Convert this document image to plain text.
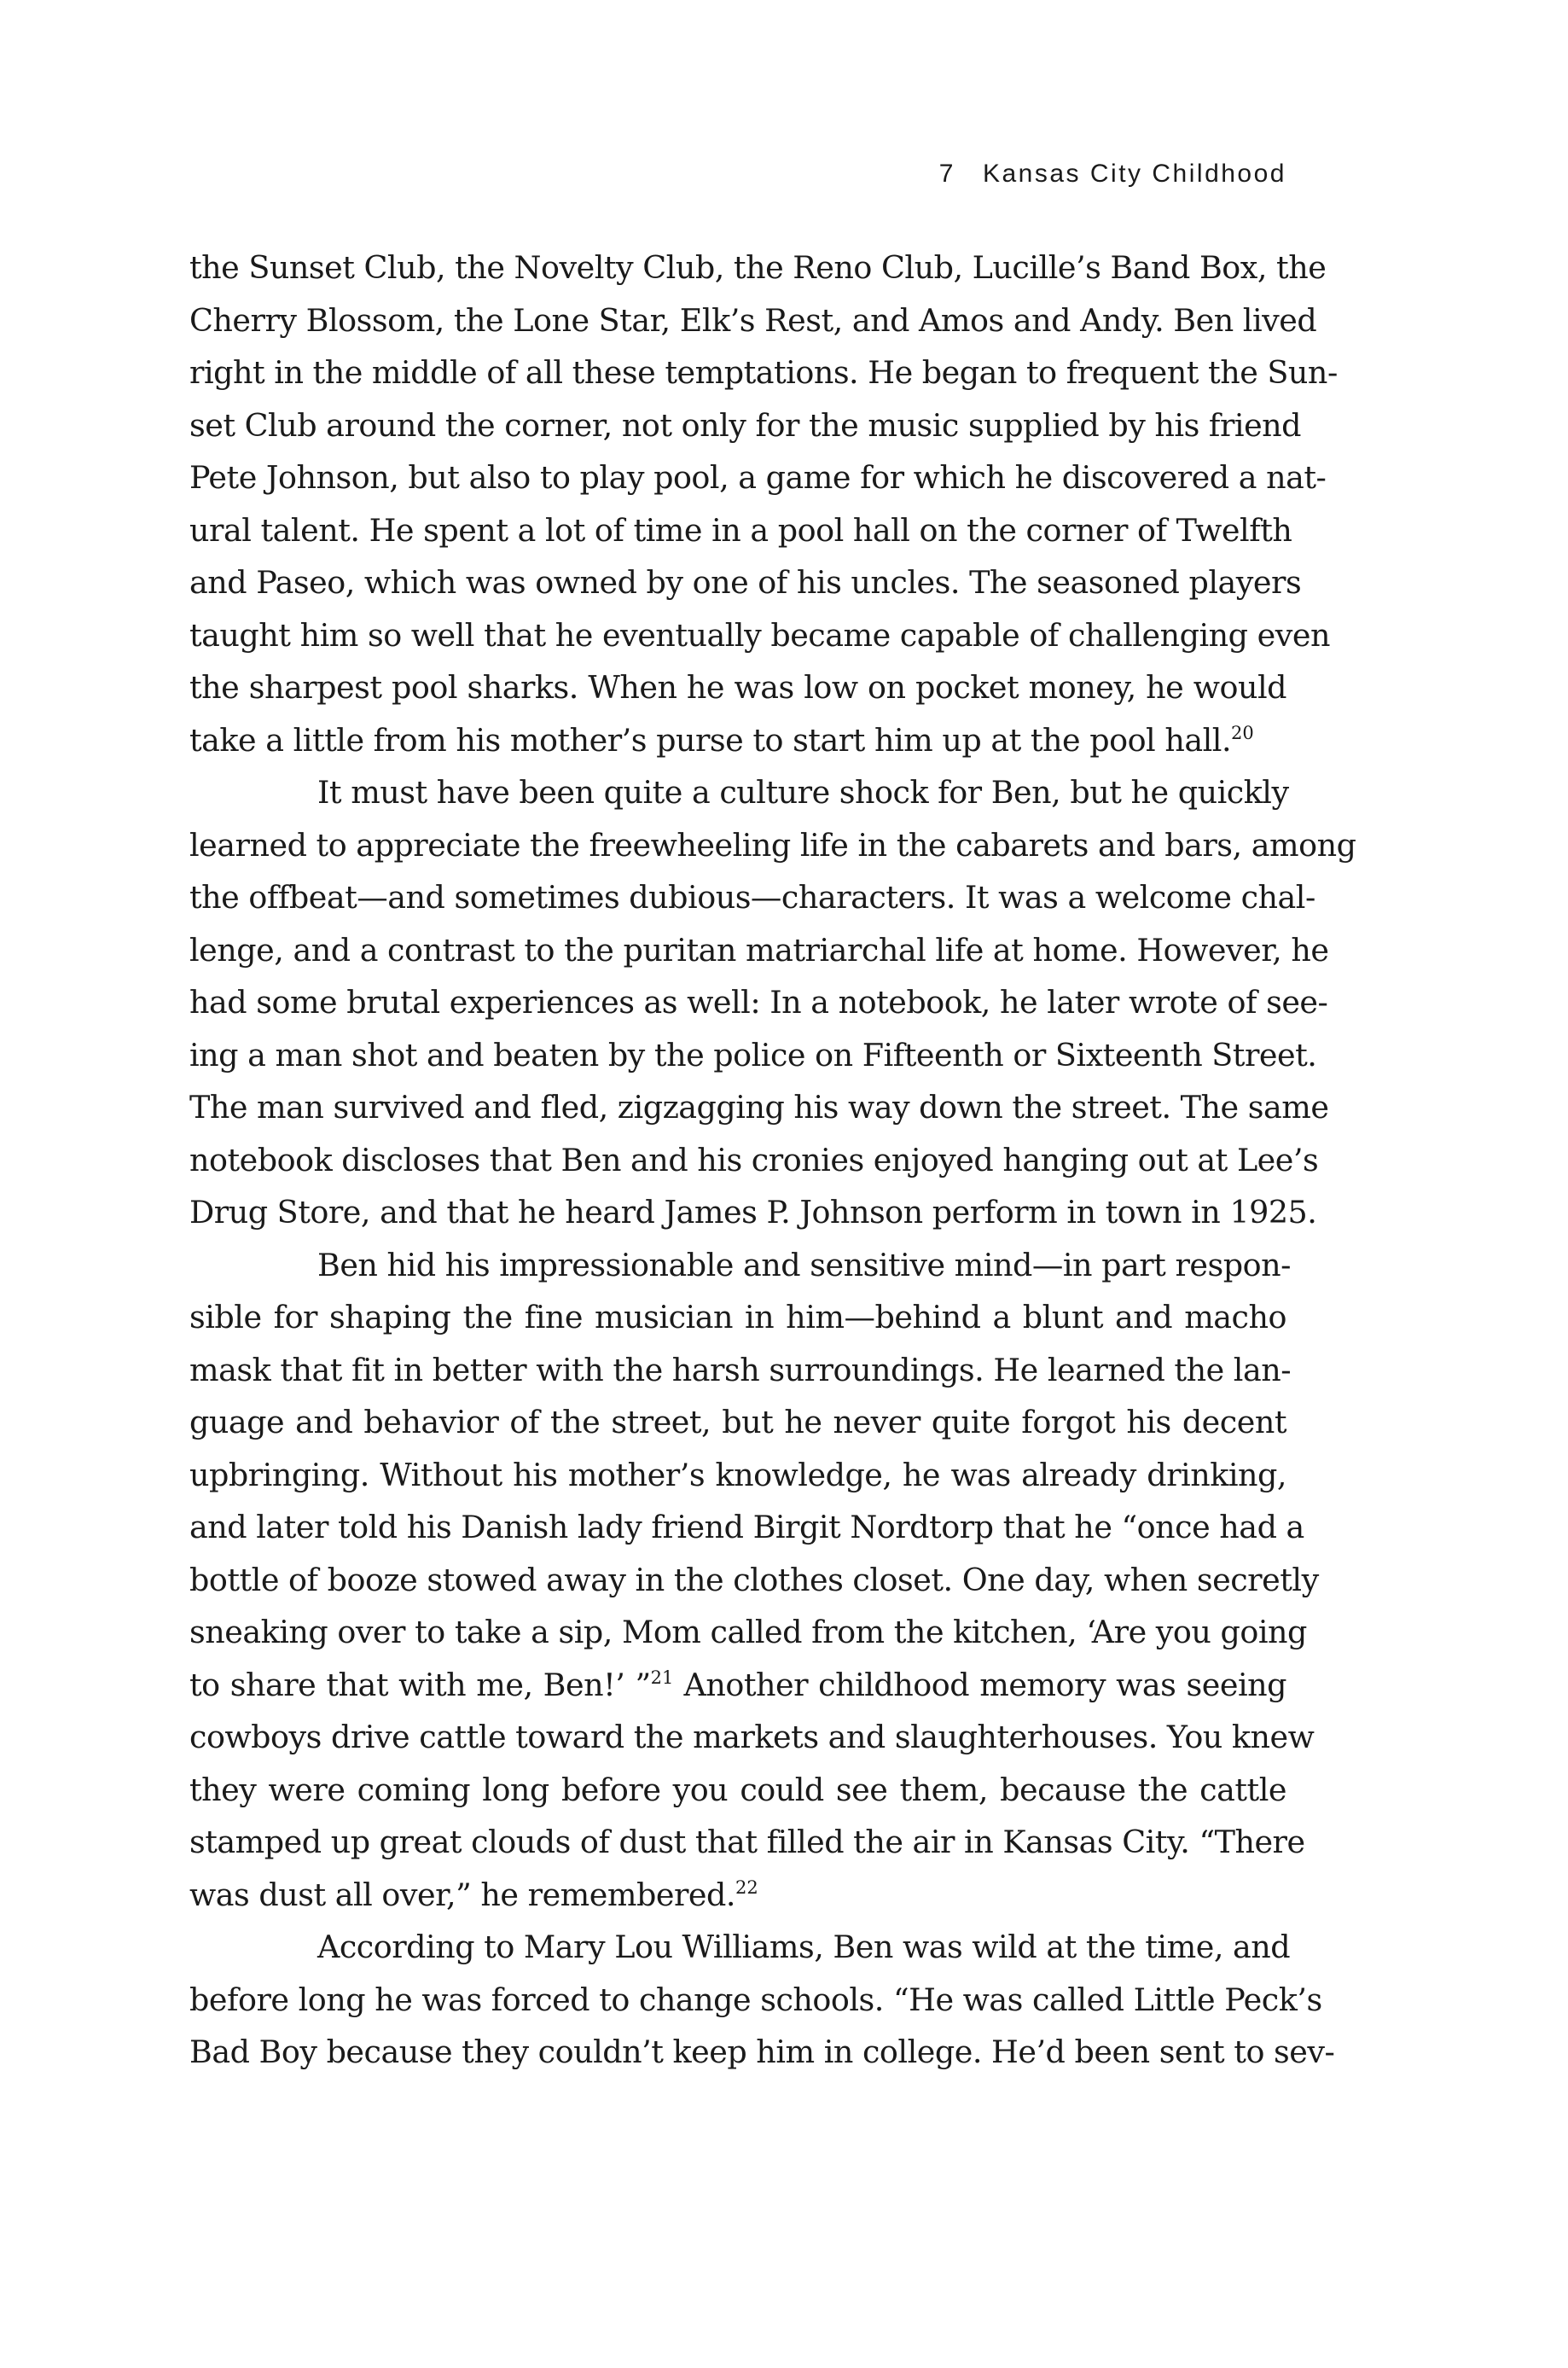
7 Kansas City Childhood

the Sunset Club, the Novelty Club, the Reno Club, Lucille’s Band Box, the
Cherry Blossom, the Lone Star, Elk’s Rest, and Amos and Andy. Ben lived
right in the middle of all these temptations. He began to frequent the Sun-
set Club around the corner, not only for the music supplied by his friend
Pete Johnson, but also to play pool, a game for which he discovered a nat-
ural talent. He spent a lot of time in a pool hall on the corner of Twelfth
and Paseo, which was owned by one of his uncles. The seasoned players
taught him so well that he eventually became capable of challenging even
the sharpest pool sharks. When he was low on pocket money, he would
take a little from his mother’s purse to start him up at the pool hall.$^{20}$

It must have been quite a culture shock for Ben, but he quickly
learned to appreciate the freewheeling life in the cabarets and bars, among
the offbeat—and sometimes dubious—characters. It was a welcome chal-
lenge, and a contrast to the puritan matriarchal life at home. However, he
had some brutal experiences as well: In a notebook, he later wrote of see-
ing a man shot and beaten by the police on Fifteenth or Sixteenth Street.
The man survived and fled, zigzagging his way down the street. The same
notebook discloses that Ben and his cronies enjoyed hanging out at Lee’s
Drug Store, and that he heard James P. Johnson perform in town in 1925.

Ben hid his impressionable and sensitive mind—in part respon-
sible for shaping the fine musician in him—behind a blunt and macho
mask that fit in better with the harsh surroundings. He learned the lan-
guage and behavior of the street, but he never quite forgot his decent
upbringing. Without his mother’s knowledge, he was already drinking,
and later told his Danish lady friend Birgit Nordtorp that he “once had a
bottle of booze stowed away in the clothes closet. One day, when secretly
sneaking over to take a sip, Mom called from the kitchen, ‘Are you going
to share that with me, Ben!’ ”$^{21}$ Another childhood memory was seeing
cowboys drive cattle toward the markets and slaughterhouses. You knew
they were coming long before you could see them, because the cattle
stamped up great clouds of dust that filled the air in Kansas City. “There
was dust all over,” he remembered.$^{22}$

According to Mary Lou Williams, Ben was wild at the time, and
before long he was forced to change schools. “He was called Little Peck’s
Bad Boy because they couldn’t keep him in college. He’d been sent to sev-
